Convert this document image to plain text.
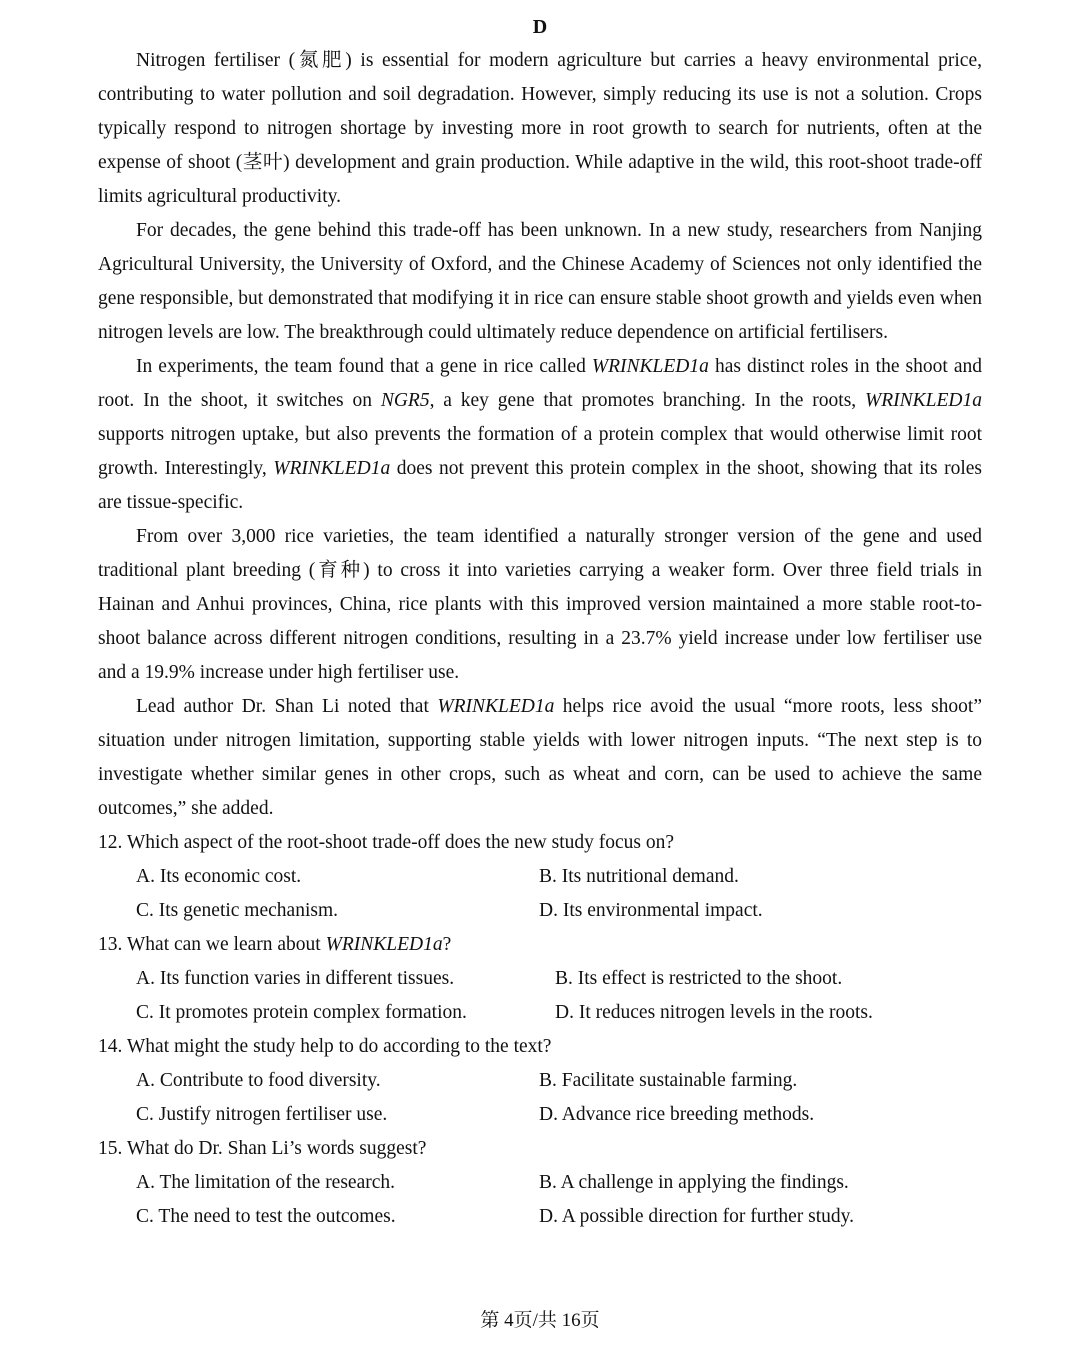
D

Nitrogen fertiliser (氮肥) is essential for modern agriculture but carries a heavy environmental price, contributing to water pollution and soil degradation. However, simply reducing its use is not a solution. Crops typically respond to nitrogen shortage by investing more in root growth to search for nutrients, often at the expense of shoot (茎叶) development and grain production. While adaptive in the wild, this root-shoot trade-off limits agricultural productivity.

For decades, the gene behind this trade-off has been unknown. In a new study, researchers from Nanjing Agricultural University, the University of Oxford, and the Chinese Academy of Sciences not only identified the gene responsible, but demonstrated that modifying it in rice can ensure stable shoot growth and yields even when nitrogen levels are low. The breakthrough could ultimately reduce dependence on artificial fertilisers.

In experiments, the team found that a gene in rice called WRINKLED1a has distinct roles in the shoot and root. In the shoot, it switches on NGR5, a key gene that promotes branching. In the roots, WRINKLED1a supports nitrogen uptake, but also prevents the formation of a protein complex that would otherwise limit root growth. Interestingly, WRINKLED1a does not prevent this protein complex in the shoot, showing that its roles are tissue-specific.

From over 3,000 rice varieties, the team identified a naturally stronger version of the gene and used traditional plant breeding (育种) to cross it into varieties carrying a weaker form. Over three field trials in Hainan and Anhui provinces, China, rice plants with this improved version maintained a more stable root-to-shoot balance across different nitrogen conditions, resulting in a 23.7% yield increase under low fertiliser use and a 19.9% increase under high fertiliser use.

Lead author Dr. Shan Li noted that WRINKLED1a helps rice avoid the usual “more roots, less shoot” situation under nitrogen limitation, supporting stable yields with lower nitrogen inputs. “The next step is to investigate whether similar genes in other crops, such as wheat and corn, can be used to achieve the same outcomes,” she added.

12. Which aspect of the root-shoot trade-off does the new study focus on?

A. Its economic cost.	B. Its nutritional demand.
C. Its genetic mechanism.	D. Its environmental impact.

13. What can we learn about WRINKLED1a?

A. Its function varies in different tissues.	B. Its effect is restricted to the shoot.
C. It promotes protein complex formation.	D. It reduces nitrogen levels in the roots.

14. What might the study help to do according to the text?

A. Contribute to food diversity.	B. Facilitate sustainable farming.
C. Justify nitrogen fertiliser use.	D. Advance rice breeding methods.

15. What do Dr. Shan Li’s words suggest?

A. The limitation of the research.	B. A challenge in applying the findings.
C. The need to test the outcomes.	D. A possible direction for further study.
第 4页/共 16页
